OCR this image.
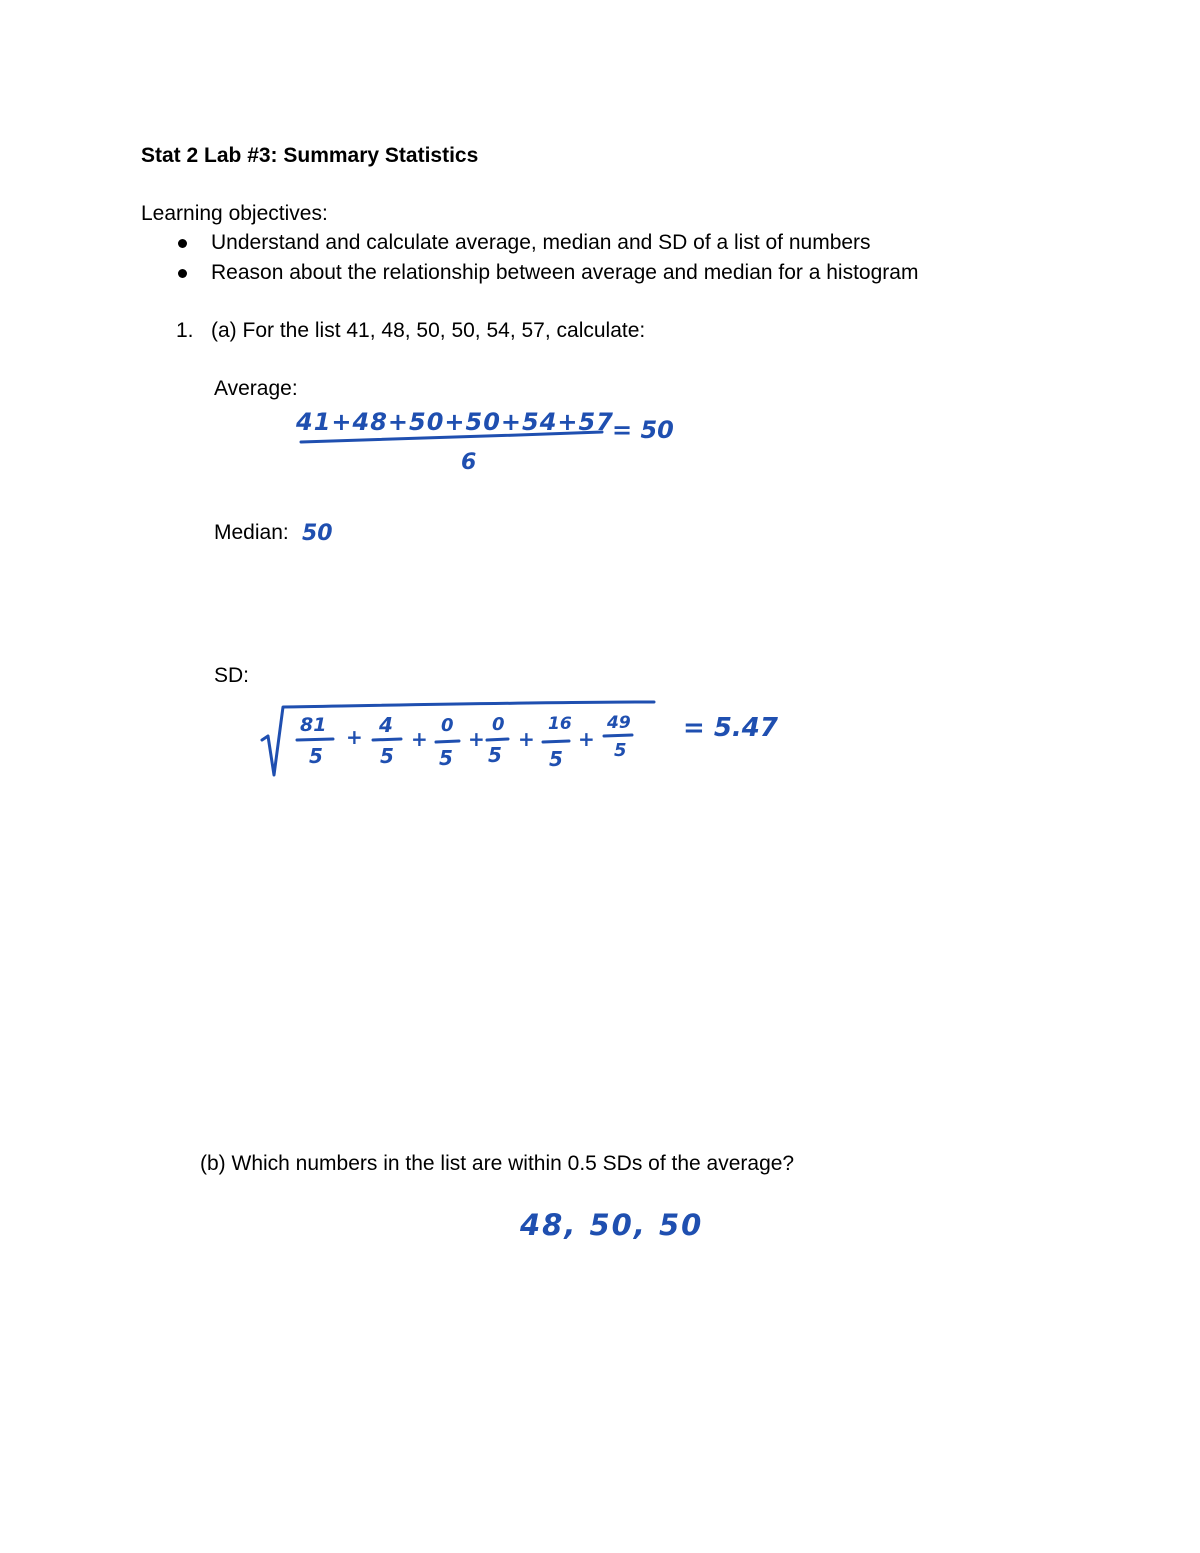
Stat 2 Lab #3: Summary Statistics
Learning objectives:
Understand and calculate average, median and SD of a list of numbers
Reason about the relationship between average and median for a histogram
1. (a) For the list 41, 48, 50, 50, 54, 57, calculate:
Average:
Median:
SD:
(b) Which numbers in the list are within 0.5 SDs of the average?
41+48+50+50+54+57
6
= 50
50
81
5
+ 4
5
+
0
5
+
0
5
+
16
5
+
49
5
= 5.47
48, 50, 50
